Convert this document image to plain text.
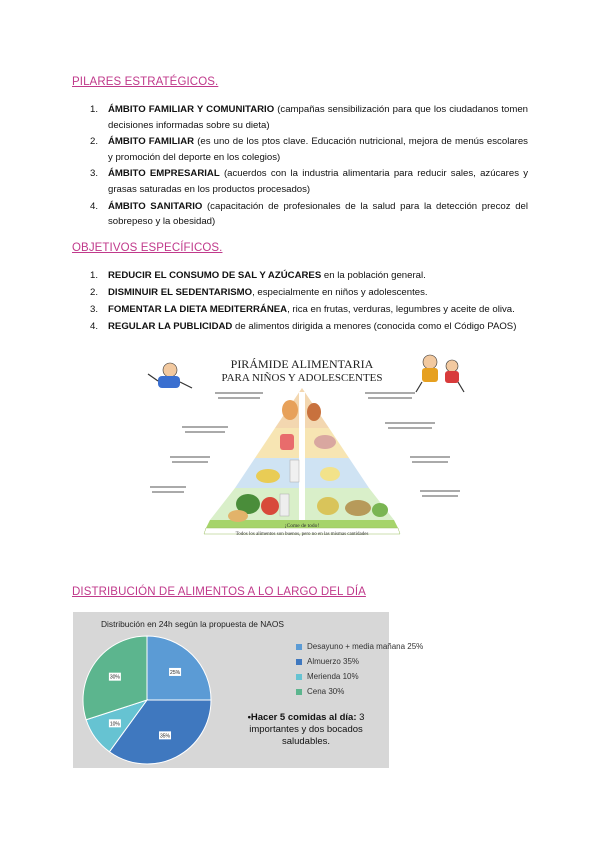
PILARES ESTRATÉGICOS.
1. ÁMBITO FAMILIAR Y COMUNITARIO (campañas sensibilización para que los ciudadanos tomen decisiones informadas sobre su dieta)
2. ÁMBITO FAMILIAR (es uno de los ptos clave. Educación nutricional, mejora de menús escolares y promoción del deporte en los colegios)
3. ÁMBITO EMPRESARIAL (acuerdos con la industria alimentaria para reducir sales, azúcares y grasas saturadas en los productos procesados)
4. ÁMBITO SANITARIO (capacitación de profesionales de la salud para la detección precoz del sobrepeso y la obesidad)
OBJETIVOS ESPECÍFICOS.
1. REDUCIR EL CONSUMO DE SAL Y AZÚCARES en la población general.
2. DISMINUIR EL SEDENTARISMO, especialmente en niños y adolescentes.
3. FOMENTAR LA DIETA MEDITERRÁNEA, rica en frutas, verduras, legumbres y aceite de oliva.
4. REGULAR LA PUBLICIDAD de alimentos dirigida a menores (conocida como el Código PAOS)
PIRÁMIDE ALIMENTARIA
PARA NIÑOS Y ADOLESCENTES
¡Come de todo!
Todos los alimentos son buenos, pero no en las mismas cantidades
DISTRIBUCIÓN DE ALIMENTOS A LO LARGO DEL DÍA
Distribución en 24h según la propuesta de NAOS
25%
35%
10%
30%
Desayuno + media mañana 25%
Almuerzo 35%
Merienda 10%
Cena 30%
•Hacer 5 comidas al día: 3 importantes y dos bocados saludables.
